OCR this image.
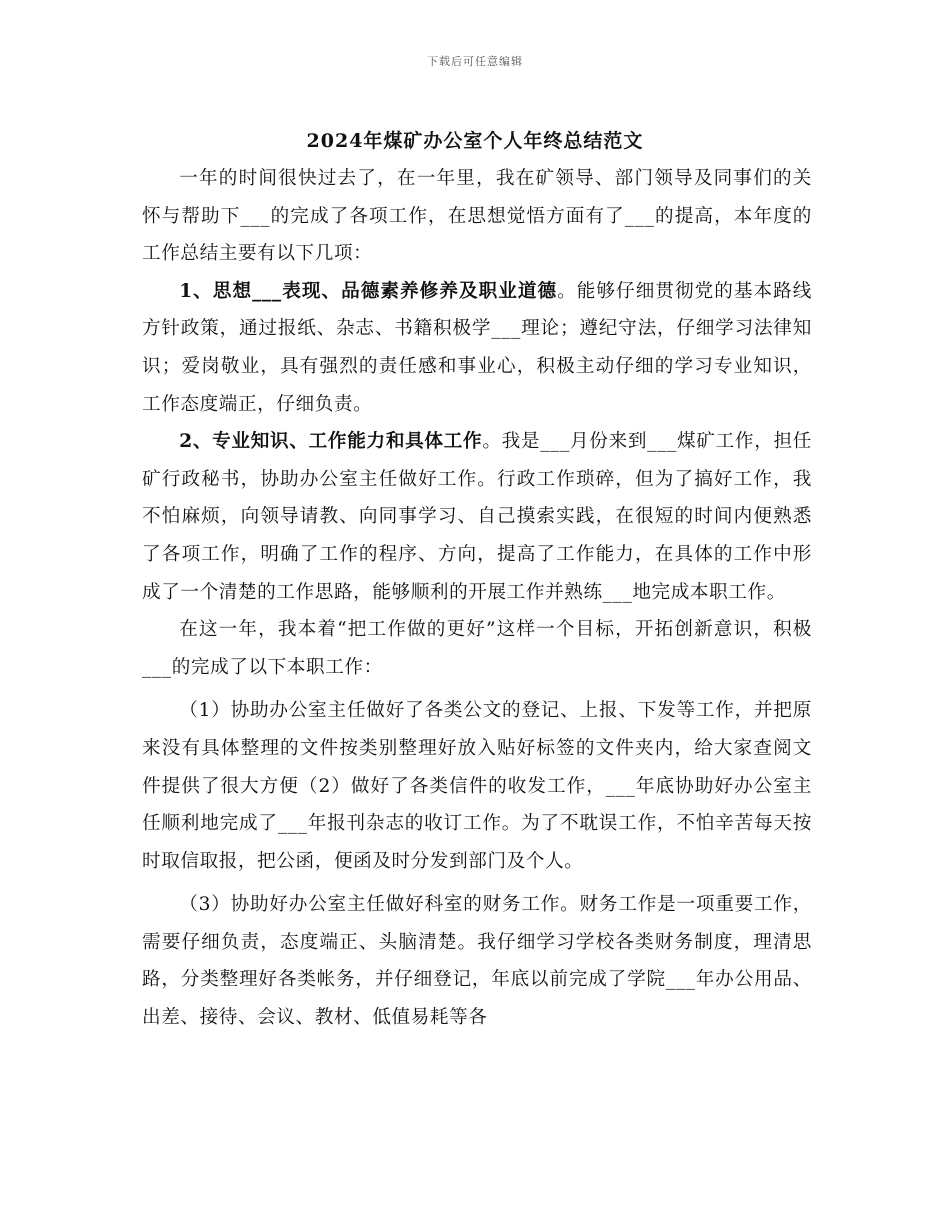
下载后可任意编辑
2024年煤矿办公室个人年终总结范文

一年的时间很快过去了，在一年里，我在矿领导、部门领导及同事们的关怀与帮助下___的完成了各项工作，在思想觉悟方面有了___的提高，本年度的工作总结主要有以下几项：

1、思想___表现、品德素养修养及职业道德。能够仔细贯彻党的基本路线方针政策，通过报纸、杂志、书籍积极学___理论；遵纪守法，仔细学习法律知识；爱岗敬业，具有强烈的责任感和事业心，积极主动仔细的学习专业知识，工作态度端正，仔细负责。

2、专业知识、工作能力和具体工作。我是___月份来到___煤矿工作，担任矿行政秘书，协助办公室主任做好工作。行政工作琐碎，但为了搞好工作，我不怕麻烦，向领导请教、向同事学习、自己摸索实践，在很短的时间内便熟悉了各项工作，明确了工作的程序、方向，提高了工作能力，在具体的工作中形成了一个清楚的工作思路，能够顺利的开展工作并熟练___地完成本职工作。

在这一年，我本着“把工作做的更好”这样一个目标，开拓创新意识，积极___的完成了以下本职工作：

（1）协助办公室主任做好了各类公文的登记、上报、下发等工作，并把原来没有具体整理的文件按类别整理好放入贴好标签的文件夹内，给大家查阅文件提供了很大方便（2）做好了各类信件的收发工作，___年底协助好办公室主任顺利地完成了___年报刊杂志的收订工作。为了不耽误工作，不怕辛苦每天按时取信取报，把公函，便函及时分发到部门及个人。

（3）协助好办公室主任做好科室的财务工作。财务工作是一项重要工作，需要仔细负责，态度端正、头脑清楚。我仔细学习学校各类财务制度，理清思路，分类整理好各类帐务，并仔细登记，年底以前完成了学院___年办公用品、出差、接待、会议、教材、低值易耗等各
